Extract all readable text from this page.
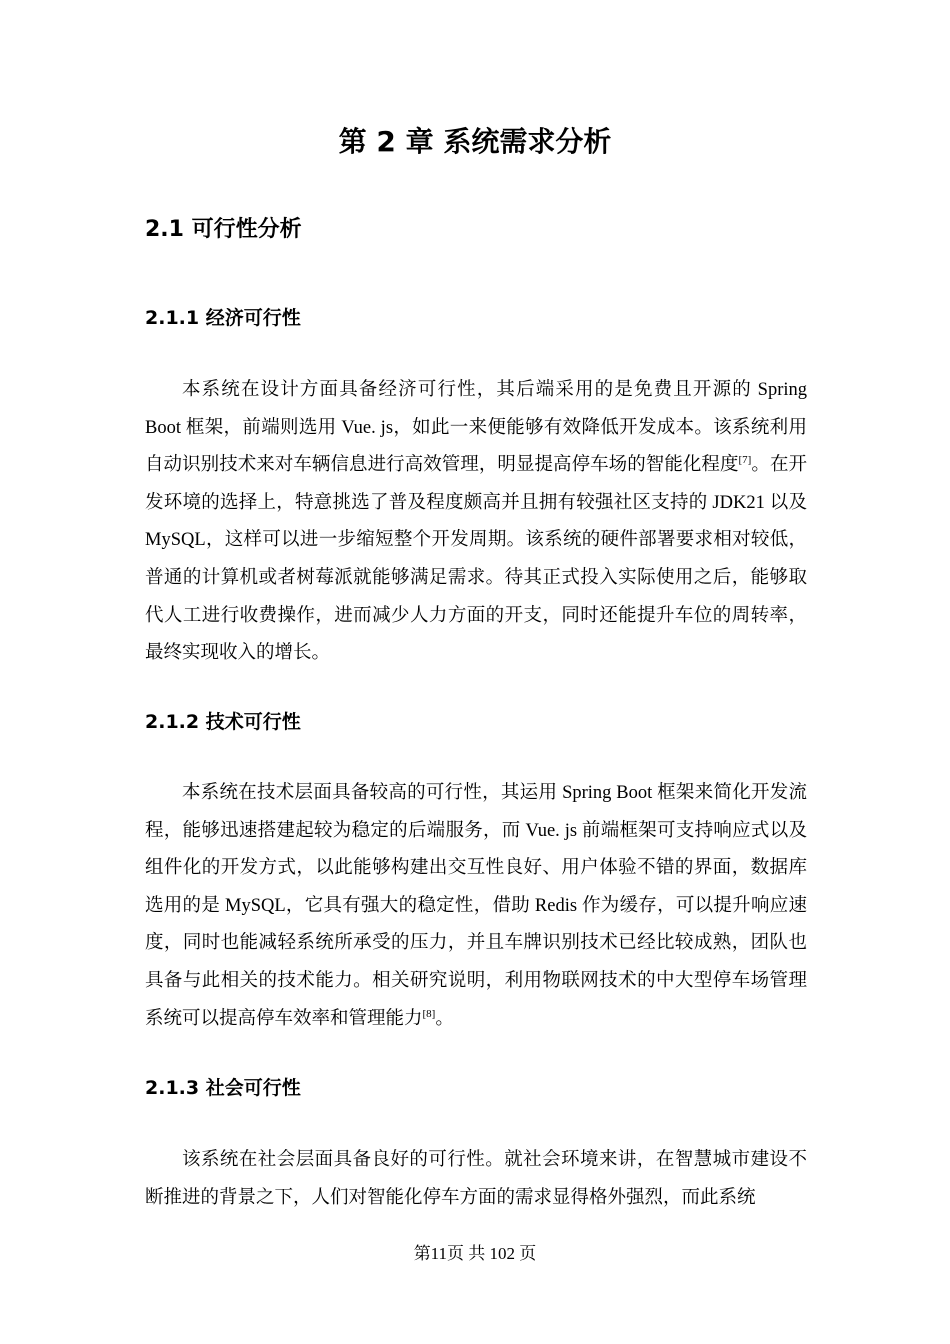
第 2 章 系统需求分析
2.1 可行性分析
2.1.1 经济可行性

本系统在设计方面具备经济可行性，其后端采用的是免费且开源的 Spring Boot 框架，前端则选用 Vue. js，如此一来便能够有效降低开发成本。该系统利用自动识别技术来对车辆信息进行高效管理，明显提高停车场的智能化程度[7]。在开发环境的选择上，特意挑选了普及程度颇高并且拥有较强社区支持的 JDK21 以及 MySQL，这样可以进一步缩短整个开发周期。该系统的硬件部署要求相对较低，普通的计算机或者树莓派就能够满足需求。待其正式投入实际使用之后，能够取代人工进行收费操作，进而减少人力方面的开支，同时还能提升车位的周转率，最终实现收入的增长。

2.1.2 技术可行性

本系统在技术层面具备较高的可行性，其运用 Spring Boot 框架来简化开发流程，能够迅速搭建起较为稳定的后端服务，而 Vue. js 前端框架可支持响应式以及组件化的开发方式，以此能够构建出交互性良好、用户体验不错的界面，数据库选用的是 MySQL，它具有强大的稳定性，借助 Redis 作为缓存，可以提升响应速度，同时也能减轻系统所承受的压力，并且车牌识别技术已经比较成熟，团队也具备与此相关的技术能力。相关研究说明，利用物联网技术的中大型停车场管理系统可以提高停车效率和管理能力[8]。

2.1.3 社会可行性

该系统在社会层面具备良好的可行性。就社会环境来讲，在智慧城市建设不断推进的背景之下，人们对智能化停车方面的需求显得格外强烈，而此系统

第11页 共 102 页
